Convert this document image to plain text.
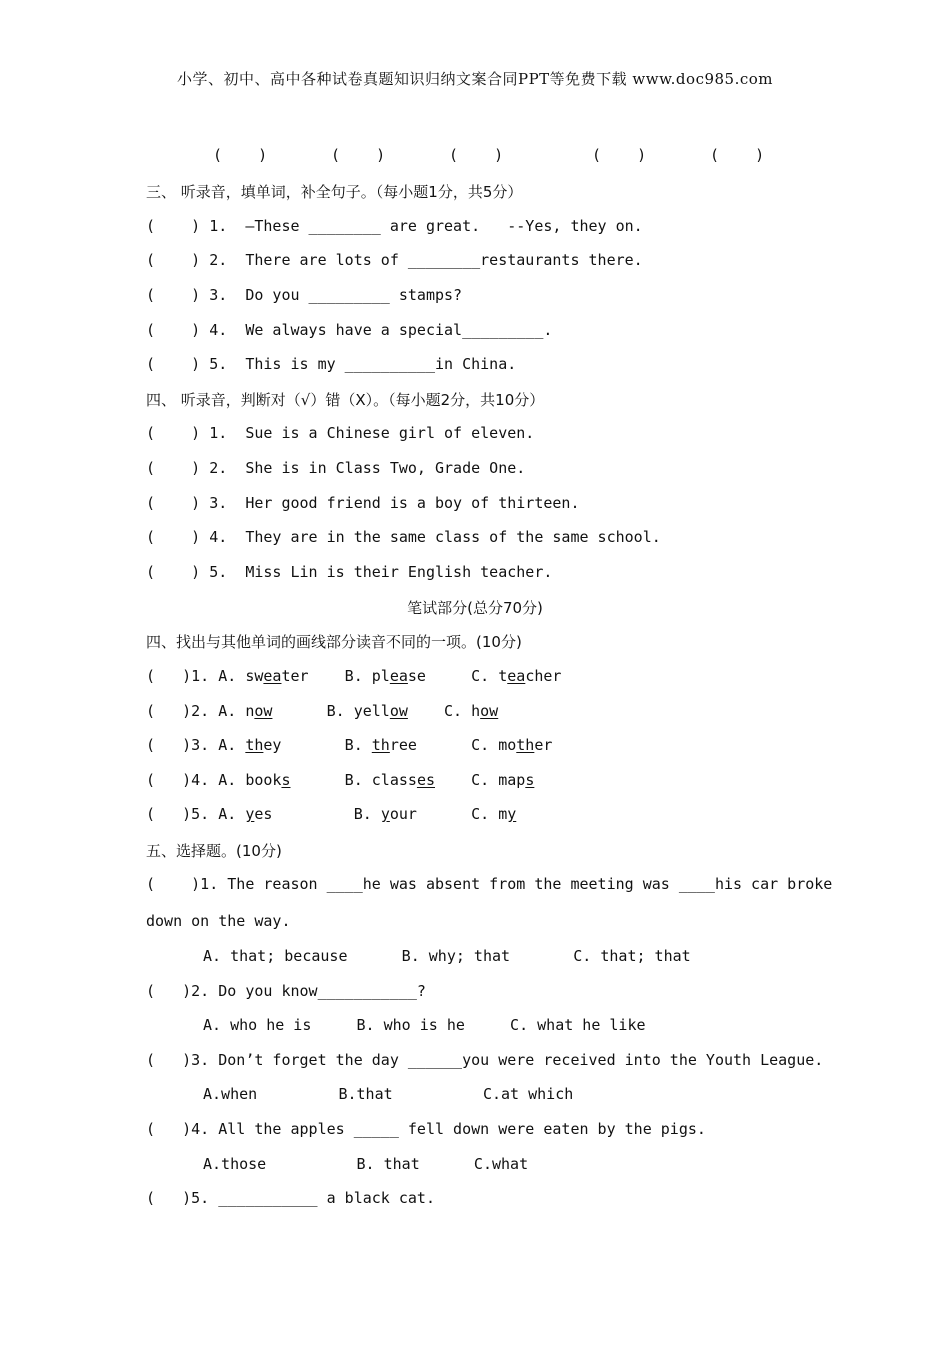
小学、初中、高中各种试卷真题知识归纳文案合同PPT等免费下载 www.doc985.com
(    )	(    )	(    )	(    )	(    )
三、 听录音，填单词，补全句子。（每小题1分，共5分）
(    ) 1.  –These ________ are great.   --Yes, they on.
(    ) 2.  There are lots of ________restaurants there.
(    ) 3.  Do you _________ stamps?
(    ) 4.  We always have a special_________.
(    ) 5.  This is my __________in China.
四、 听录音，判断对（√）错（X）。（每小题2分，共10分）
(    ) 1.  Sue is a Chinese girl of eleven.
(    ) 2.  She is in Class Two, Grade One.
(    ) 3.  Her good friend is a boy of thirteen.
(    ) 4.  They are in the same class of the same school.
(    ) 5.  Miss Lin is their English teacher.
笔试部分(总分70分)
四、找出与其他单词的画线部分读音不同的一项。(10分)
(   )1. A. sweater    B. please     C. teacher
(   )2. A. now      B. yellow    C. how
(   )3. A. they       B. three      C. mother
(   )4. A. books      B. classes    C. maps
(   )5. A. yes         B. your      C. my
五、选择题。(10分)
(    )1. The reason ____he was absent from the meeting was ____his car broke
down on the way.
A. that; because      B. why; that       C. that; that
(   )2. Do you know___________?
A. who he is     B. who is he     C. what he like
(   )3. Don’t forget the day ______you were received into the Youth League.
A.when         B.that          C.at which
(   )4. All the apples _____ fell down were eaten by the pigs.
A.those          B. that      C.what
(   )5. ___________ a black cat.
